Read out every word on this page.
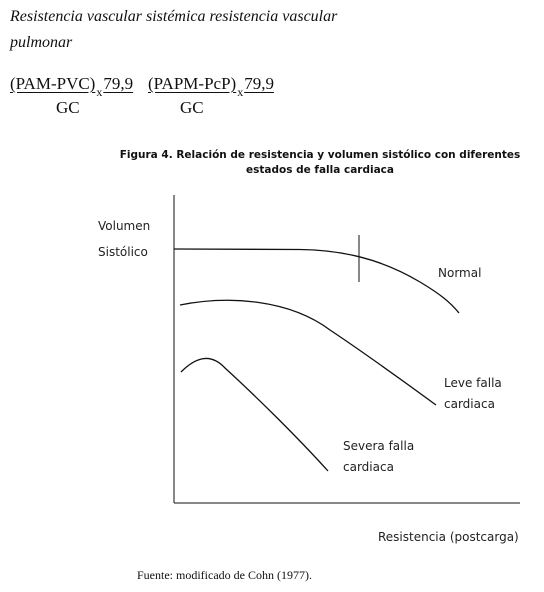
Resistencia vascular sistémica resistencia vascular pulmonar
$(PAM-PVC)_x79,9$
GC
$(PAPM-PcP)_x79,9$
GC
Figura 4. Relación de resistencia y volumen sistólico con diferentes estados de falla cardiaca
Volumen
Sistólico
Normal
Leve falla
cardiaca
Severa falla
cardiaca
Resistencia (postcarga)
Fuente: modificado de Cohn (1977).
